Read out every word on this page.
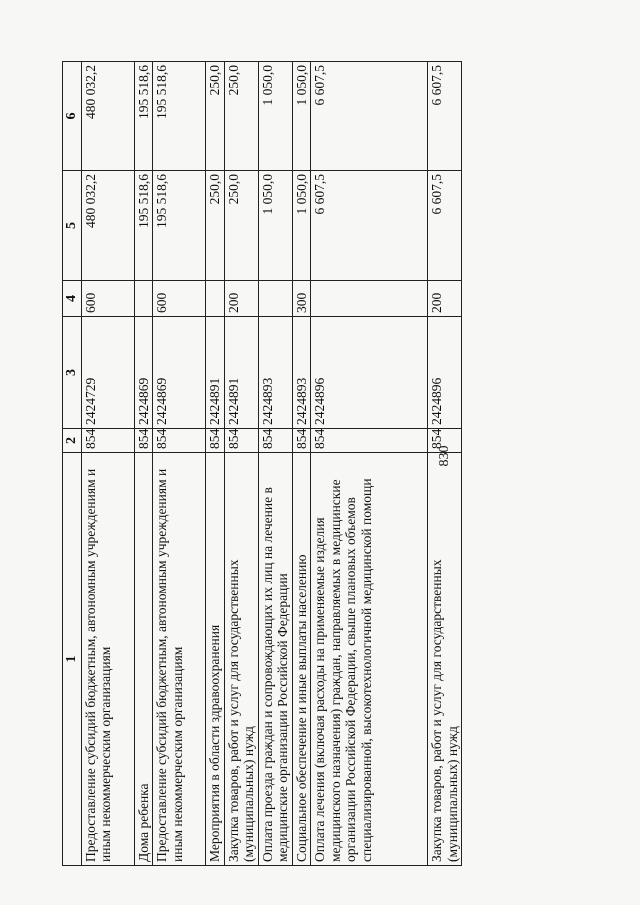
830
1	2	3	4	5	6
Предоставление субсидий бюджетным, автономным учреждениям и иным некоммерческим организациям	854	2424729	600	480 032,2	480 032,2
Дома ребенка	854	2424869		195 518,6	195 518,6
Предоставление субсидий бюджетным, автономным учреждениям и иным некоммерческим организациям	854	2424869	600	195 518,6	195 518,6
Мероприятия в области здравоохранения	854	2424891		250,0	250,0
Закупка товаров, работ и услуг для государственных (муниципальных) нужд	854	2424891	200	250,0	250,0
Оплата проезда граждан и сопровождающих их лиц на лечение в медицинские организации Российской Федерации	854	2424893		1 050,0	1 050,0
Социальное обеспечение и иные выплаты населению	854	2424893	300	1 050,0	1 050,0
Оплата лечения (включая расходы на применяемые изделия медицинского назначения) граждан, направляемых в медицинские организации Российской Федерации, свыше плановых объемов специализированной, высокотехнологичной медицинской помощи	854	2424896		6 607,5	6 607,5
Закупка товаров, работ и услуг для государственных (муниципальных) нужд	854	2424896	200	6 607,5	6 607,5
